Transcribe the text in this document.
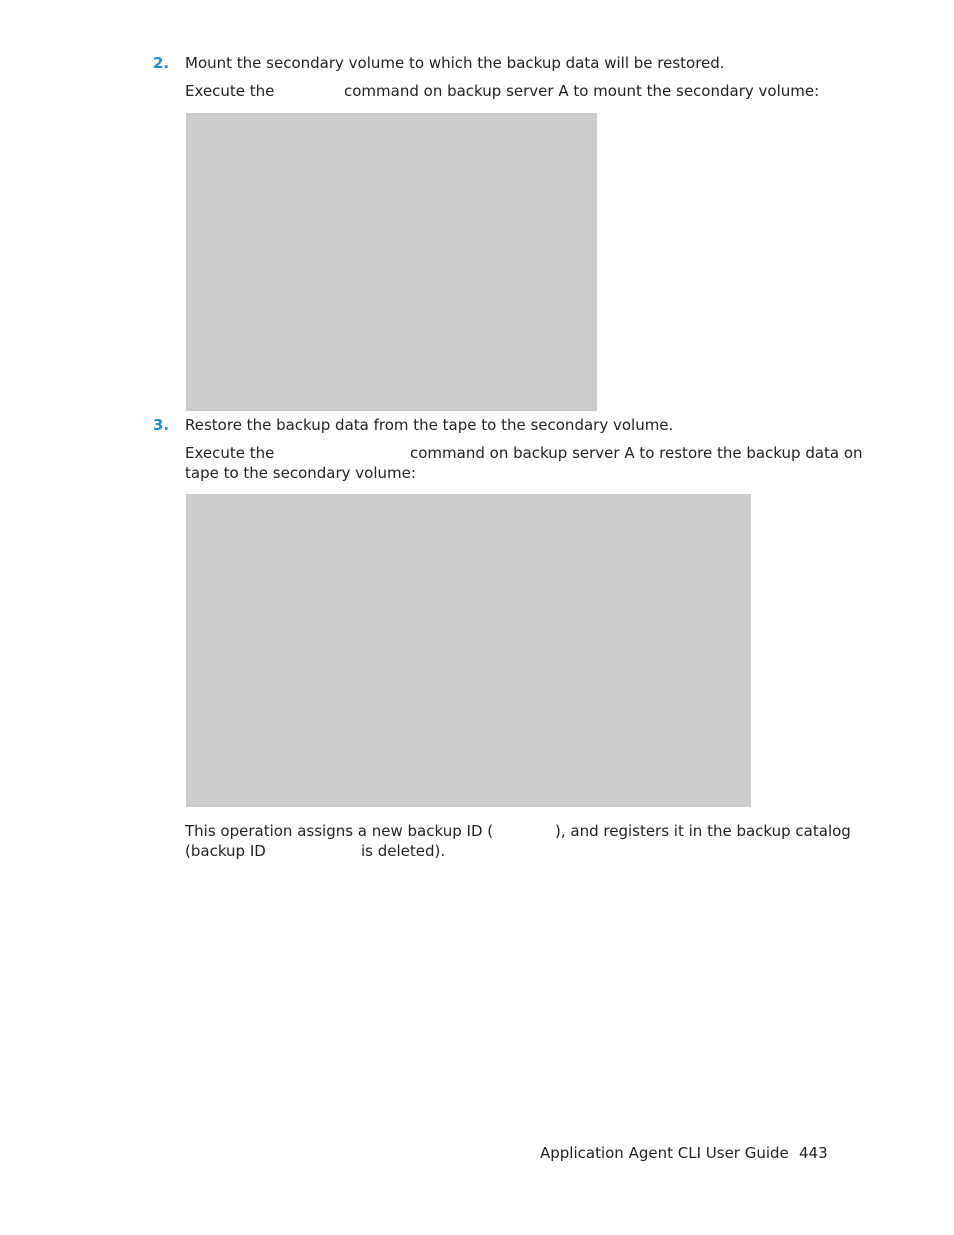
2. Mount the secondary volume to which the backup data will be restored.
Execute the	command on backup server A to mount the secondary volume:
3. Restore the backup data from the tape to the secondary volume.
Execute the	command on backup server A to restore the backup data on
tape to the secondary volume:
This operation assigns a new backup ID (	), and registers it in the backup catalog
(backup ID	is deleted).
Application Agent CLI User Guide 443
